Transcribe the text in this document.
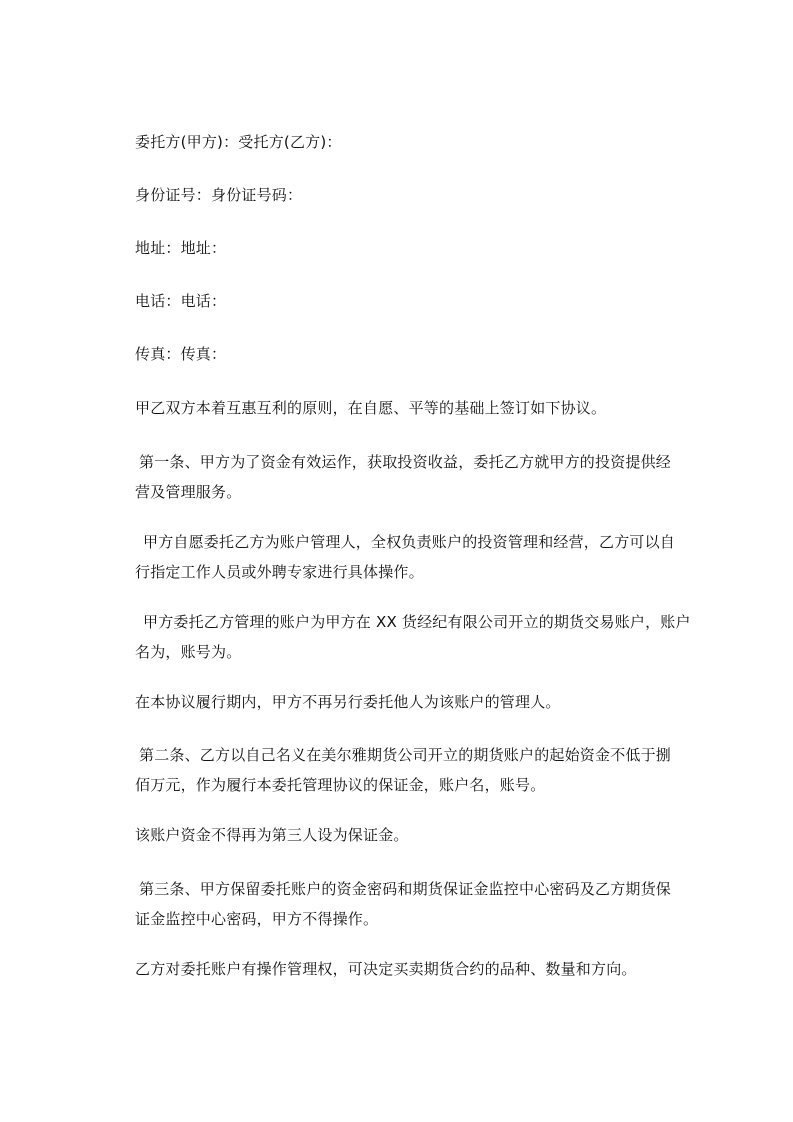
委托方(甲方)：受托方(乙方)：

身份证号：身份证号码：

地址：地址：

电话：电话：

传真：传真：

甲乙双方本着互惠互利的原则，在自愿、平等的基础上签订如下协议。

第一条、甲方为了资金有效运作，获取投资收益，委托乙方就甲方的投资提供经
营及管理服务。
甲方自愿委托乙方为账户管理人，全权负责账户的投资管理和经营，乙方可以自
行指定工作人员或外聘专家进行具体操作。
甲方委托乙方管理的账户为甲方在 XX 货经纪有限公司开立的期货交易账户，账户
名为，账号为。

在本协议履行期内，甲方不再另行委托他人为该账户的管理人。

第二条、乙方以自己名义在美尔雅期货公司开立的期货账户的起始资金不低于捌
佰万元，作为履行本委托管理协议的保证金，账户名，账号。

该账户资金不得再为第三人设为保证金。

第三条、甲方保留委托账户的资金密码和期货保证金监控中心密码及乙方期货保
证金监控中心密码，甲方不得操作。

乙方对委托账户有操作管理权，可决定买卖期货合约的品种、数量和方向。
